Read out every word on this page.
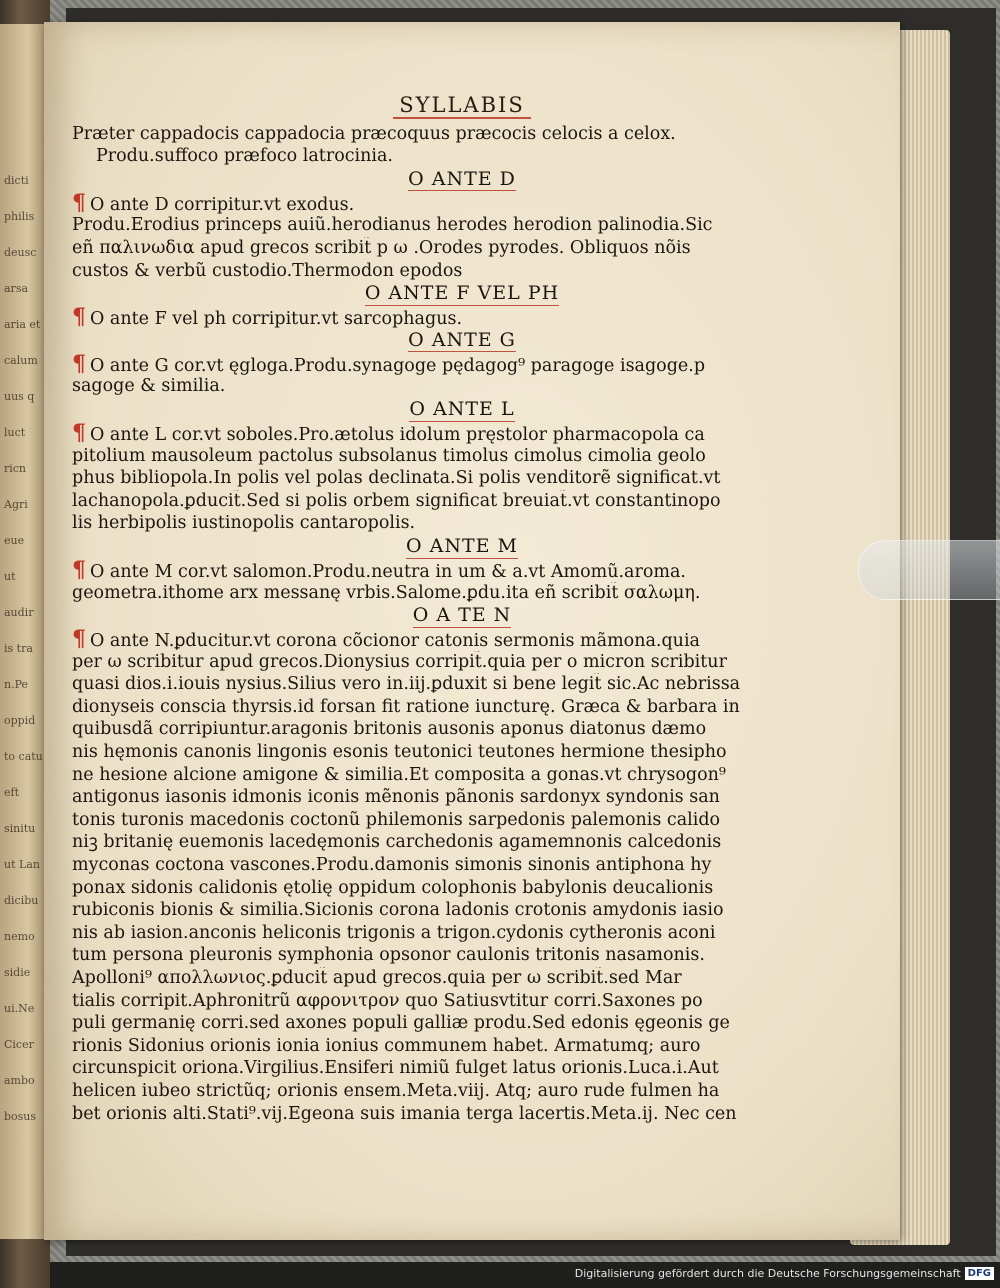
dicti
philis
deusc
arsa
aria et
calum
uus q
luct
ricn
Agri
eue
ut
audir
is tra
n.Pe
oppid
to catu
eft
sinitu
ut Lan
dicibu
nemo
sidie
ui.Ne
Cicer
ambo
bosus
SYLLABIS
Præter cappadocis cappadocia præcoquus præcocis celocis a celox.
Produ.suffoco præfoco latrocinia.
O ANTE D
¶ O ante D corripitur.vt exodus.
Produ.Erodius princeps auiũ.herodianus herodes herodion palinodia.Sic
eñ παλινωδια apud grecos scribit̃ p ω .Orodes pyrodes. Obliquos nõis
custos & verbũ custodio.Thermodon epodos
O ANTE F VEL PH
¶ O ante F vel ph corripitur.vt sarcophagus.
O ANTE G
¶ O ante G cor.vt ęgloga.Produ.synagoge pędagog⁹ paragoge isagoge.p
sagoge & similia.
O ANTE L
¶ O ante L cor.vt soboles.Pro.ætolus idolum pręstolor pharmacopola ca
pitolium mausoleum pactolus subsolanus timolus cimolus cimolia geolo
phus bibliopola.In polis vel polas declinata.Si polis venditorẽ significat.vt
lachanopola.ꝑducit̃.Sed si polis orbem significat breuiat̃.vt constantinopo
lis herbipolis iustinopolis cantaropolis.
O ANTE M
¶ O ante M cor.vt salomon.Produ.neutra in um & a.vt Amomũ.aroma.
geometra.ithome arx messanę vrbis.Salome.ꝑdu.ita eñ scribit̃ σαλωμη.
O A TE N
¶ O ante N.ꝑducitur.vt corona cõcionor catonis sermonis mãmona.quia
per ω scribitur apud grecos.Dionysius corripit̃.quia per o micron scribitur
quasi dios.i.iouis nysius.Silius vero in.iij.ꝑduxit si bene legit̃ sic.Ac nebrissa
dionyseis conscia thyrsis.id forsan fit ratione iuncturę. Græca & barbara in
quibusdã corripiuntur.aragonis britonis ausonis aponus diatonus dæmo
nis hęmonis canonis lingonis esonis teutonici teutones hermione thesipho
ne hesione alcione amigone & similia.Et composita a gonas.vt chrysogon⁹
antigonus iasonis idmonis iconis mẽnonis pãnonis sardonyx syndonis san
tonis turonis macedonis coctonũ philemonis sarpedonis palemonis calido
niꝫ britanię euemonis lacedęmonis carchedonis agamemnonis calcedonis
myconas coctona vascones.Produ.damonis simonis sinonis antiphona hy
ponax sidonis calidonis ętolię oppidum colophonis babylonis deucalionis
rubiconis bionis & similia.Sicionis corona ladonis crotonis amydonis iasio
nis ab iasion.anconis heliconis trigonis a trigon.cydonis cytheronis aconi
tum persona pleuronis symphonia opsonor caulonis tritonis nasamonis.
Apolloni⁹ απολλωνιος.ꝑducit̃ apud grecos.quia per ω scribit̃.sed Mar
tialis corripit.Aphronitrũ αφρονιτρον quo Satiusvtitur corri.Saxones po
puli germanię corri.sed axones populi galliæ produ.Sed edonis ęgeonis ge
rionis Sidonius orionis ionia ionius communem habet. Armatumq; auro
circunspicit oriona.Virgilius.Ensiferi nimiũ fulget latus orionis.Luca.i.Aut
helicen iubeo strictũq; orionis ensem.Meta.viij. Atq; auro rude fulmen ha
bet orionis alti.Stati⁹.vij.Egeona suis imania terga lacertis.Meta.ij. Nec cen
Digitalisierung gefördert durch die Deutsche Forschungsgemeinschaft DFG
